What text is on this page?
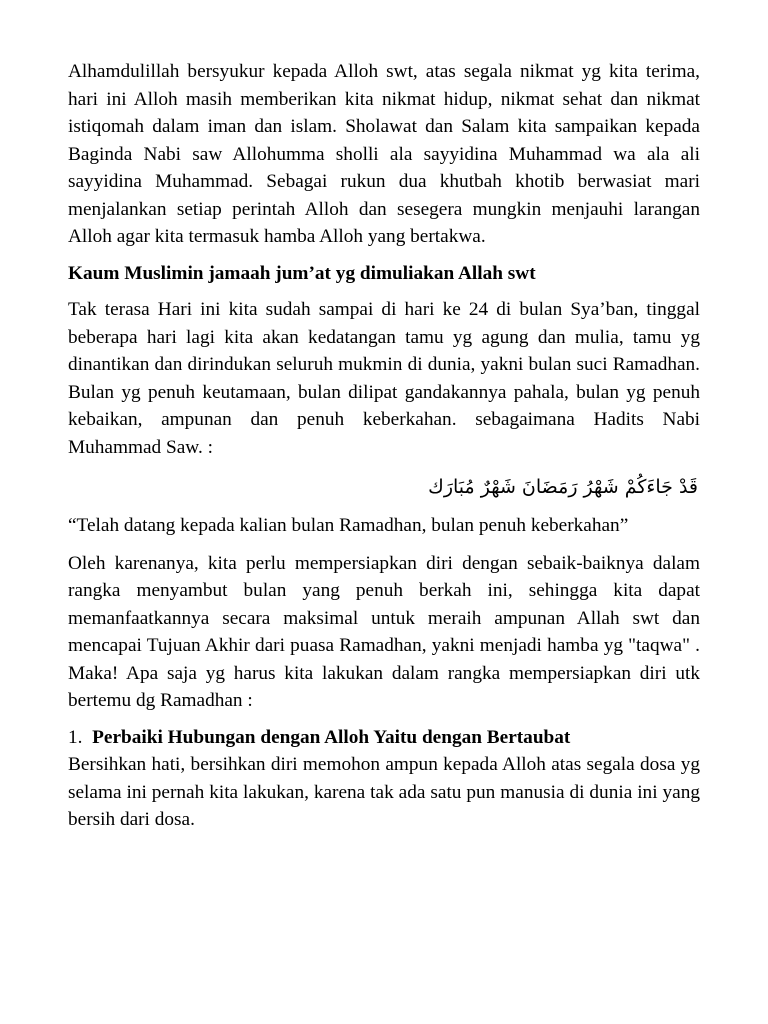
Alhamdulillah bersyukur kepada Alloh swt, atas segala nikmat yg kita terima, hari ini Alloh masih memberikan kita nikmat hidup, nikmat sehat dan nikmat istiqomah dalam iman dan islam. Sholawat dan Salam kita sampaikan kepada Baginda Nabi saw Allohumma sholli ala sayyidina Muhammad wa ala ali sayyidina Muhammad. Sebagai rukun dua khutbah khotib berwasiat mari menjalankan setiap perintah Alloh dan sesegera mungkin menjauhi larangan Alloh agar kita termasuk hamba Alloh yang bertakwa.

Kaum Muslimin jamaah jum’at yg dimuliakan Allah swt

Tak terasa Hari ini kita sudah sampai di hari ke 24 di bulan Sya’ban, tinggal beberapa hari lagi kita akan kedatangan tamu yg agung dan mulia, tamu yg dinantikan dan dirindukan seluruh mukmin di dunia, yakni bulan suci Ramadhan. Bulan yg penuh keutamaan, bulan dilipat gandakannya pahala, bulan yg penuh kebaikan, ampunan dan penuh keberkahan. sebagaimana Hadits Nabi Muhammad Saw. :

قَدْ جَاءَكُمْ شَهْرُ رَمَضَانَ شَهْرٌ مُبَارَك

“Telah datang kepada kalian bulan Ramadhan, bulan penuh keberkahan”

Oleh karenanya, kita perlu mempersiapkan diri dengan sebaik-baiknya dalam rangka menyambut bulan yang penuh berkah ini, sehingga kita dapat memanfaatkannya secara maksimal untuk meraih ampunan Allah swt dan mencapai Tujuan Akhir dari puasa Ramadhan, yakni menjadi hamba yg "taqwa" . Maka! Apa saja yg harus kita lakukan dalam rangka mempersiapkan diri utk bertemu dg Ramadhan :

1. Perbaiki Hubungan dengan Alloh Yaitu dengan Bertaubat

Bersihkan hati, bersihkan diri memohon ampun kepada Alloh atas segala dosa yg selama ini pernah kita lakukan, karena tak ada satu pun manusia di dunia ini yang bersih dari dosa.
